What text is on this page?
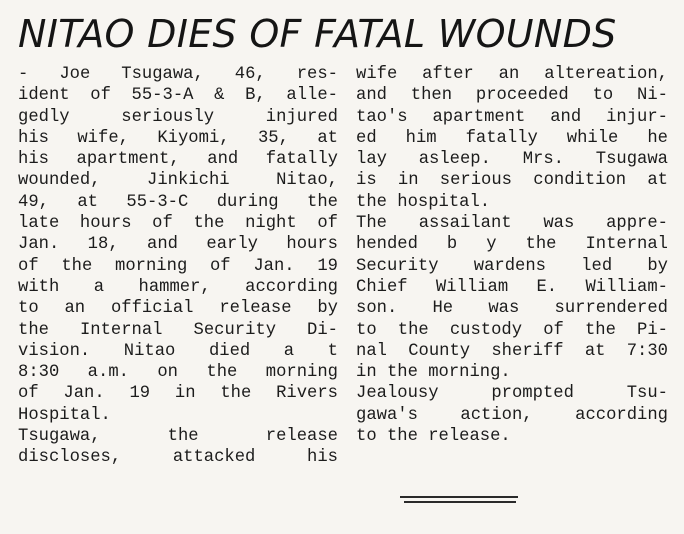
NITAO DIES OF FATAL WOUNDS
- Joe Tsugawa, 46, res-
ident of 55-3-A & B, alle-
gedly seriously injured
his wife, Kiyomi, 35, at
his apartment, and fatally
wounded, Jinkichi Nitao,
49, at 55-3-C during the
late hours of the night of
Jan. 18, and early hours
of the morning of Jan. 19
with a hammer, according
to an official release by
the Internal Security Di-
vision. Nitao died a t
8:30 a.m. on the morning
of Jan. 19 in the Rivers
Hospital.
Tsugawa, the release
discloses, attacked his
wife after an altereation,
and then proceeded to Ni-
tao's apartment and injur-
ed him fatally while he
lay asleep. Mrs. Tsugawa
is in serious condition at
the hospital.
The assailant was appre-
hended b y the Internal
Security wardens led by
Chief William E. William-
son. He was surrendered
to the custody of the Pi-
nal County sheriff at 7:30
in the morning.
Jealousy prompted Tsu-
gawa's action, according
to the release.
